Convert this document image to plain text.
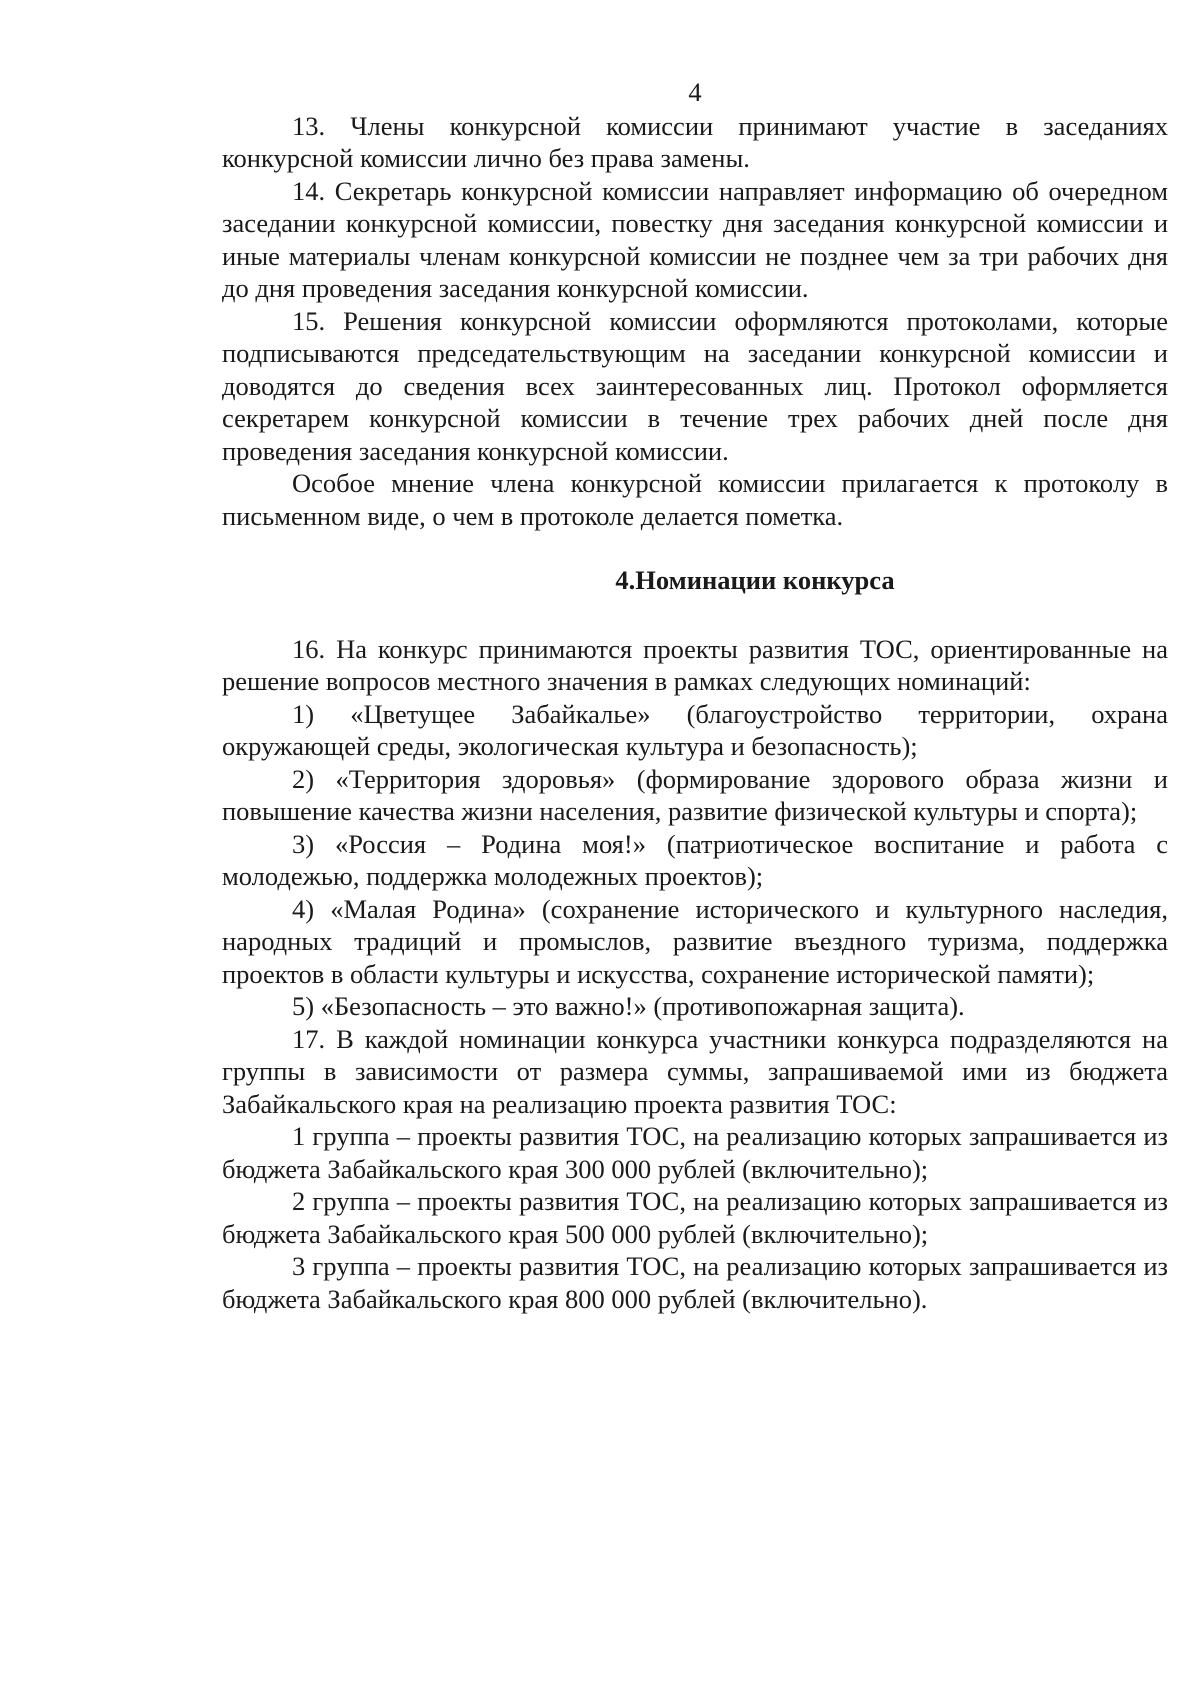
4

13. Члены конкурсной комиссии принимают участие в заседаниях конкурсной комиссии лично без права замены.

14. Секретарь конкурсной комиссии направляет информацию об очередном заседании конкурсной комиссии, повестку дня заседания конкурсной комиссии и иные материалы членам конкурсной комиссии не позднее чем за три рабочих дня до дня проведения заседания конкурсной комиссии.

15. Решения конкурсной комиссии оформляются протоколами, которые подписываются председательствующим на заседании конкурсной комиссии и доводятся до сведения всех заинтересованных лиц. Протокол оформляется секретарем конкурсной комиссии в течение трех рабочих дней после дня проведения заседания конкурсной комиссии.

Особое мнение члена конкурсной комиссии прилагается к протоколу в письменном виде, о чем в протоколе делается пометка.

4.Номинации конкурса

16. На конкурс принимаются проекты развития ТОС, ориентированные на решение вопросов местного значения в рамках следующих номинаций:

1) «Цветущее Забайкалье» (благоустройство территории, охрана окружающей среды, экологическая культура и безопасность);

2) «Территория здоровья» (формирование здорового образа жизни и повышение качества жизни населения, развитие физической культуры и спорта);

3) «Россия – Родина моя!» (патриотическое воспитание и работа с молодежью, поддержка молодежных проектов);

4) «Малая Родина» (сохранение исторического и культурного наследия, народных традиций и промыслов, развитие въездного туризма, поддержка проектов в области культуры и искусства, сохранение исторической памяти);

5) «Безопасность – это важно!» (противопожарная защита).

17. В каждой номинации конкурса участники конкурса подразделяются на группы в зависимости от размера суммы, запрашиваемой ими из бюджета Забайкальского края на реализацию проекта развития ТОС:

1 группа – проекты развития ТОС, на реализацию которых запрашивается из бюджета Забайкальского края 300 000 рублей (включительно);

2 группа – проекты развития ТОС, на реализацию которых запрашивается из бюджета Забайкальского края 500 000 рублей (включительно);

3 группа – проекты развития ТОС, на реализацию которых запрашивается из бюджета Забайкальского края 800 000 рублей (включительно).
